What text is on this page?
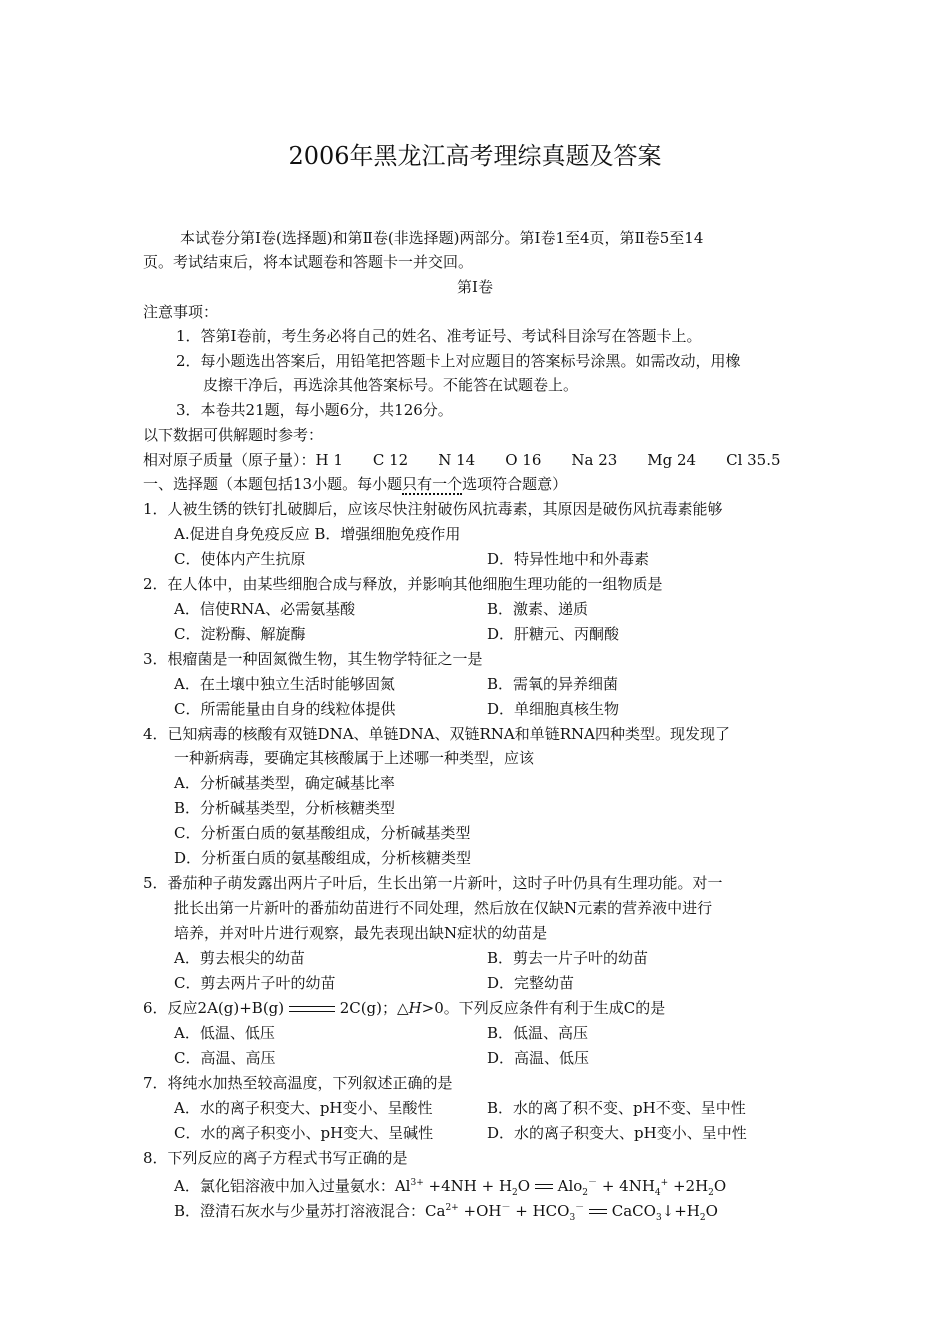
2006年黑龙江高考理综真题及答案
本试卷分第Ⅰ卷(选择题)和第Ⅱ卷(非选择题)两部分。第Ⅰ卷1至4页，第Ⅱ卷5至14
页。考试结束后，将本试题卷和答题卡一并交回。
第Ⅰ卷
注意事项：
1．答第Ⅰ卷前，考生务必将自己的姓名、准考证号、考试科目涂写在答题卡上。
2．每小题选出答案后，用铅笔把答题卡上对应题目的答案标号涂黑。如需改动，用橡
皮擦干净后，再选涂其他答案标号。不能答在试题卷上。
3．本卷共21题，每小题6分，共126分。
以下数据可供解题时参考：
相对原子质量（原子量）：H 1　　C 12　　N 14　　O 16　　Na 23　　Mg 24　　Cl 35.5
一、选择题（本题包括13小题。每小题只有一个选项符合题意）
1．人被生锈的铁钉扎破脚后，应该尽快注射破伤风抗毒素，其原因是破伤风抗毒素能够
A.促进自身免疫反应 B．增强细胞免疫作用
C．使体内产生抗原	D．特异性地中和外毒素
2．在人体中，由某些细胞合成与释放，并影响其他细胞生理功能的一组物质是
A．信使RNA、必需氨基酸	B．激素、递质
C．淀粉酶、解旋酶	D．肝糖元、丙酮酸
3．根瘤菌是一种固氮微生物，其生物学特征之一是
A．在土壤中独立生活时能够固氮	B．需氧的异养细菌
C．所需能量由自身的线粒体提供	D．单细胞真核生物
4．已知病毒的核酸有双链DNA、单链DNA、双链RNA和单链RNA四种类型。现发现了
一种新病毒，要确定其核酸属于上述哪一种类型，应该
A．分析碱基类型，确定碱基比率
B．分析碱基类型，分析核糖类型
C．分析蛋白质的氨基酸组成，分析碱基类型
D．分析蛋白质的氨基酸组成，分析核糖类型
5．番茄种子萌发露出两片子叶后，生长出第一片新叶，这时子叶仍具有生理功能。对一
批长出第一片新叶的番茄幼苗进行不同处理，然后放在仅缺N元素的营养液中进行
培养，并对叶片进行观察，最先表现出缺N症状的幼苗是
A．剪去根尖的幼苗	B．剪去一片子叶的幼苗
C．剪去两片子叶的幼苗	D．完整幼苗
6．反应2A(g)+B(g)	2C(g)；△H>0。下列反应条件有利于生成C的是
A．低温、低压	B．低温、高压
C．高温、高压	D．高温、低压
7．将纯水加热至较高温度，下列叙述正确的是
A．水的离子积变大、pH变小、呈酸性	B．水的离了积不变、pH不变、呈中性
C．水的离子积变小、pH变大、呈碱性	D．水的离子积变大、pH变小、呈中性
8．下列反应的离子方程式书写正确的是
A．氯化铝溶液中加入过量氨水：$Al^{3+} +4NH + H_2O$  $Alo_2^- + 4NH_4^+ +2H_2O$
B．澄清石灰水与少量苏打溶液混合：$Ca^{2+} +OH^- + HCO_3^-$  $CaCO_3↓+H_2O$
